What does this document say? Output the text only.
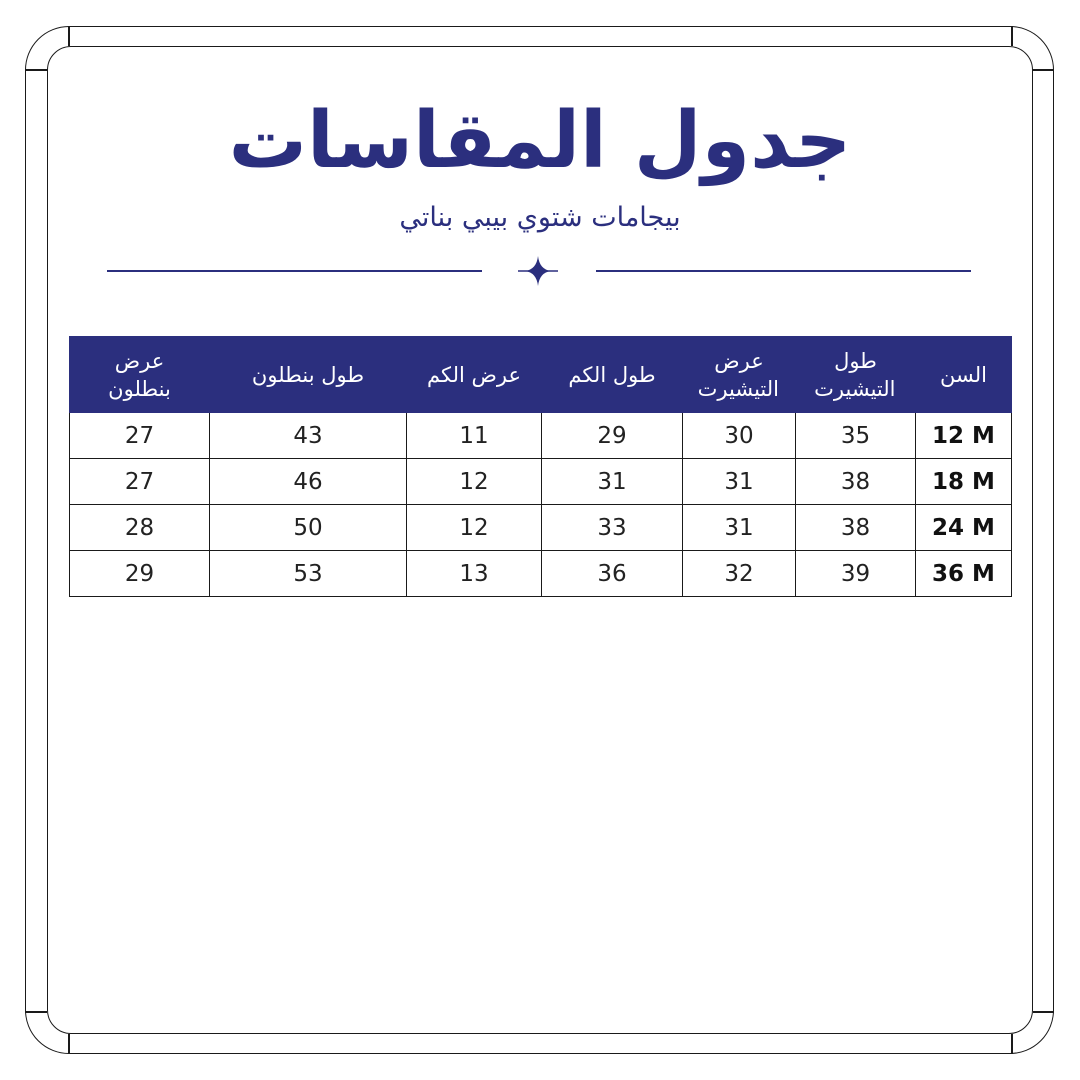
جدول المقاسات
بيجامات شتوي بيبي بناتي
السن	طول التيشيرت	عرض التيشيرت	طول الكم	عرض الكم	طول بنطلون	عرض بنطلون
12 M	35	30	29	11	43	27
18 M	38	31	31	12	46	27
24 M	38	31	33	12	50	28
36 M	39	32	36	13	53	29
